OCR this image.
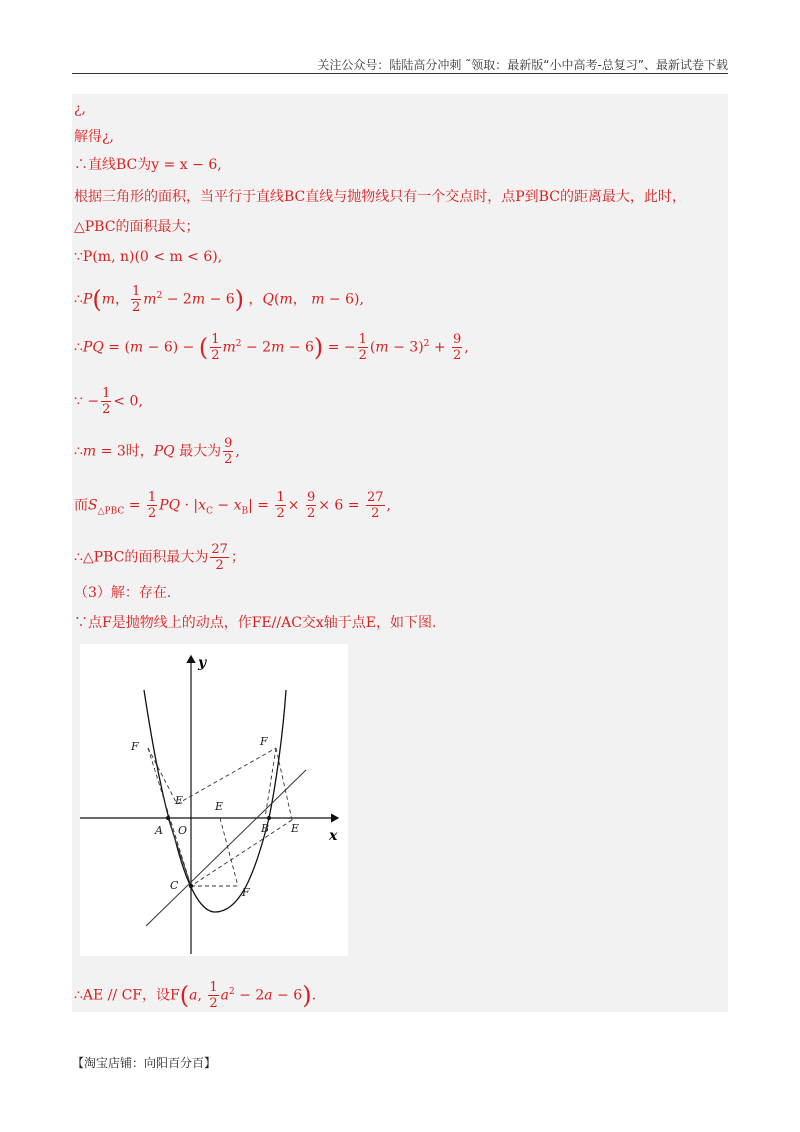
关注公众号：陆陆高分冲刺 ˜领取：最新版“小中高考-总复习”、最新试卷下载
¿,
解得¿,
∴直线BC为y = x − 6,
根据三角形的面积，当平行于直线BC直线与抛物线只有一个交点时，点P到BC的距离最大，此时，
△PBC的面积最大；
∵P(m, n)(0 < m < 6),
∴P(m， $\frac{1}{2} m^2 - 2m - 6$) ，Q(m， m − 6),
∴PQ = (m − 6) − ( $\frac{1}{2} m^2 - 2m - 6$) = − $\frac{1}{2} (m - 3)^2 + \frac{9}{2}$ ,
∵ − $\frac{1}{2} < 0$,
∴m = 3时，PQ 最大为 $\frac{9}{2}$ ,
而$S_{\triangle PBC} = \frac{1}{2}$ PQ · $|x_C - x_B| = \frac{1}{2} \times \frac{9}{2} \times 6 = \frac{27}{2}$ ,
∴△PBC的面积最大为 $\frac{27}{2}$ ；
（3）解：存在.
∵点F是抛物线上的动点，作FE//AC交x轴于点E，如下图.
∴AE // CF，设F(a, $\frac{1}{2} a^2 - 2a - 6$).
x
y
A O	B
C
E	E
E
F	F
F
【淘宝店铺：向阳百分百】
